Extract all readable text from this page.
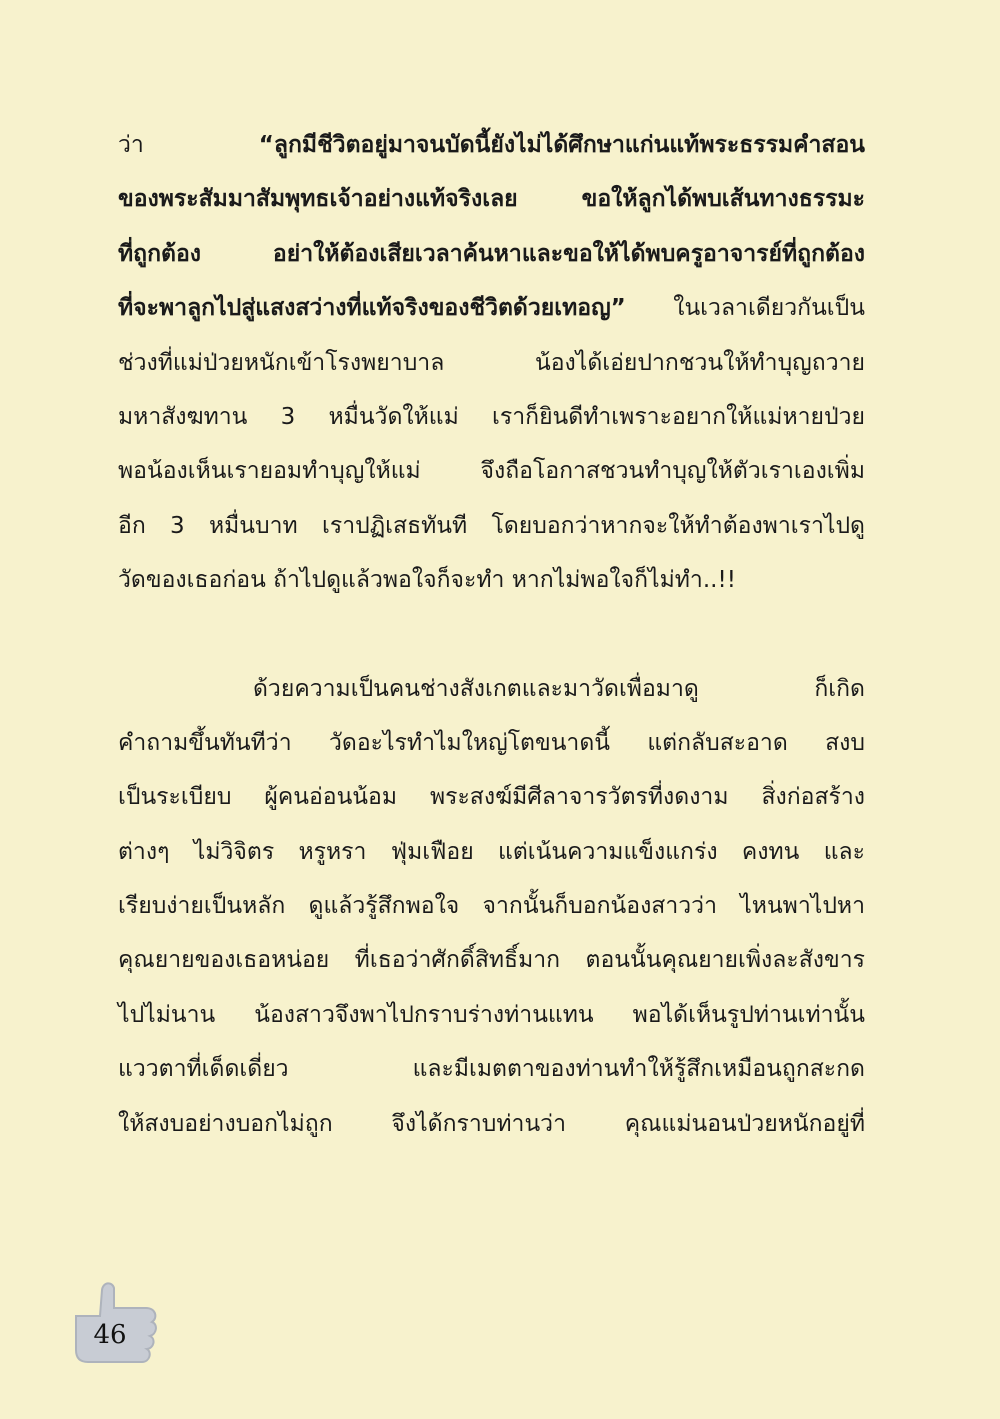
ว่า “ลูกมีชีวิตอยู่มาจนบัดนี้ยังไม่ได้ศึกษาแก่นแท้พระธรรมคำสอน
ของพระสัมมาสัมพุทธเจ้าอย่างแท้จริงเลย ขอให้ลูกได้พบเส้นทางธรรมะ
ที่ถูกต้อง อย่าให้ต้องเสียเวลาค้นหาและขอให้ได้พบครูอาจารย์ที่ถูกต้อง
ที่จะพาลูกไปสู่แสงสว่างที่แท้จริงของชีวิตด้วยเทอญ” ในเวลาเดียวกันเป็น
ช่วงที่แม่ป่วยหนักเข้าโรงพยาบาล น้องได้เอ่ยปากชวนให้ทำบุญถวาย
มหาสังฆทาน 3 หมื่นวัดให้แม่ เราก็ยินดีทำเพราะอยากให้แม่หายป่วย
พอน้องเห็นเรายอมทำบุญให้แม่ จึงถือโอกาสชวนทำบุญให้ตัวเราเองเพิ่ม
อีก 3 หมื่นบาท เราปฏิเสธทันที โดยบอกว่าหากจะให้ทำต้องพาเราไปดู
วัดของเธอก่อน ถ้าไปดูแล้วพอใจก็จะทำ หากไม่พอใจก็ไม่ทำ..!!
ด้วยความเป็นคนช่างสังเกตและมาวัดเพื่อมาดู ก็เกิด
คำถามขึ้นทันทีว่า วัดอะไรทำไมใหญ่โตขนาดนี้ แต่กลับสะอาด สงบ
เป็นระเบียบ ผู้คนอ่อนน้อม พระสงฆ์มีศีลาจารวัตรที่งดงาม สิ่งก่อสร้าง
ต่างๆ ไม่วิจิตร หรูหรา ฟุ่มเฟือย แต่เน้นความแข็งแกร่ง คงทน และ
เรียบง่ายเป็นหลัก ดูแล้วรู้สึกพอใจ จากนั้นก็บอกน้องสาวว่า ไหนพาไปหา
คุณยายของเธอหน่อย ที่เธอว่าศักดิ์สิทธิ์มาก ตอนนั้นคุณยายเพิ่งละสังขาร
ไปไม่นาน น้องสาวจึงพาไปกราบร่างท่านแทน พอได้เห็นรูปท่านเท่านั้น
แววตาที่เด็ดเดี่ยว และมีเมตตาของท่านทำให้รู้สึกเหมือนถูกสะกด
ให้สงบอย่างบอกไม่ถูก จึงได้กราบท่านว่า คุณแม่นอนป่วยหนักอยู่ที่
46
